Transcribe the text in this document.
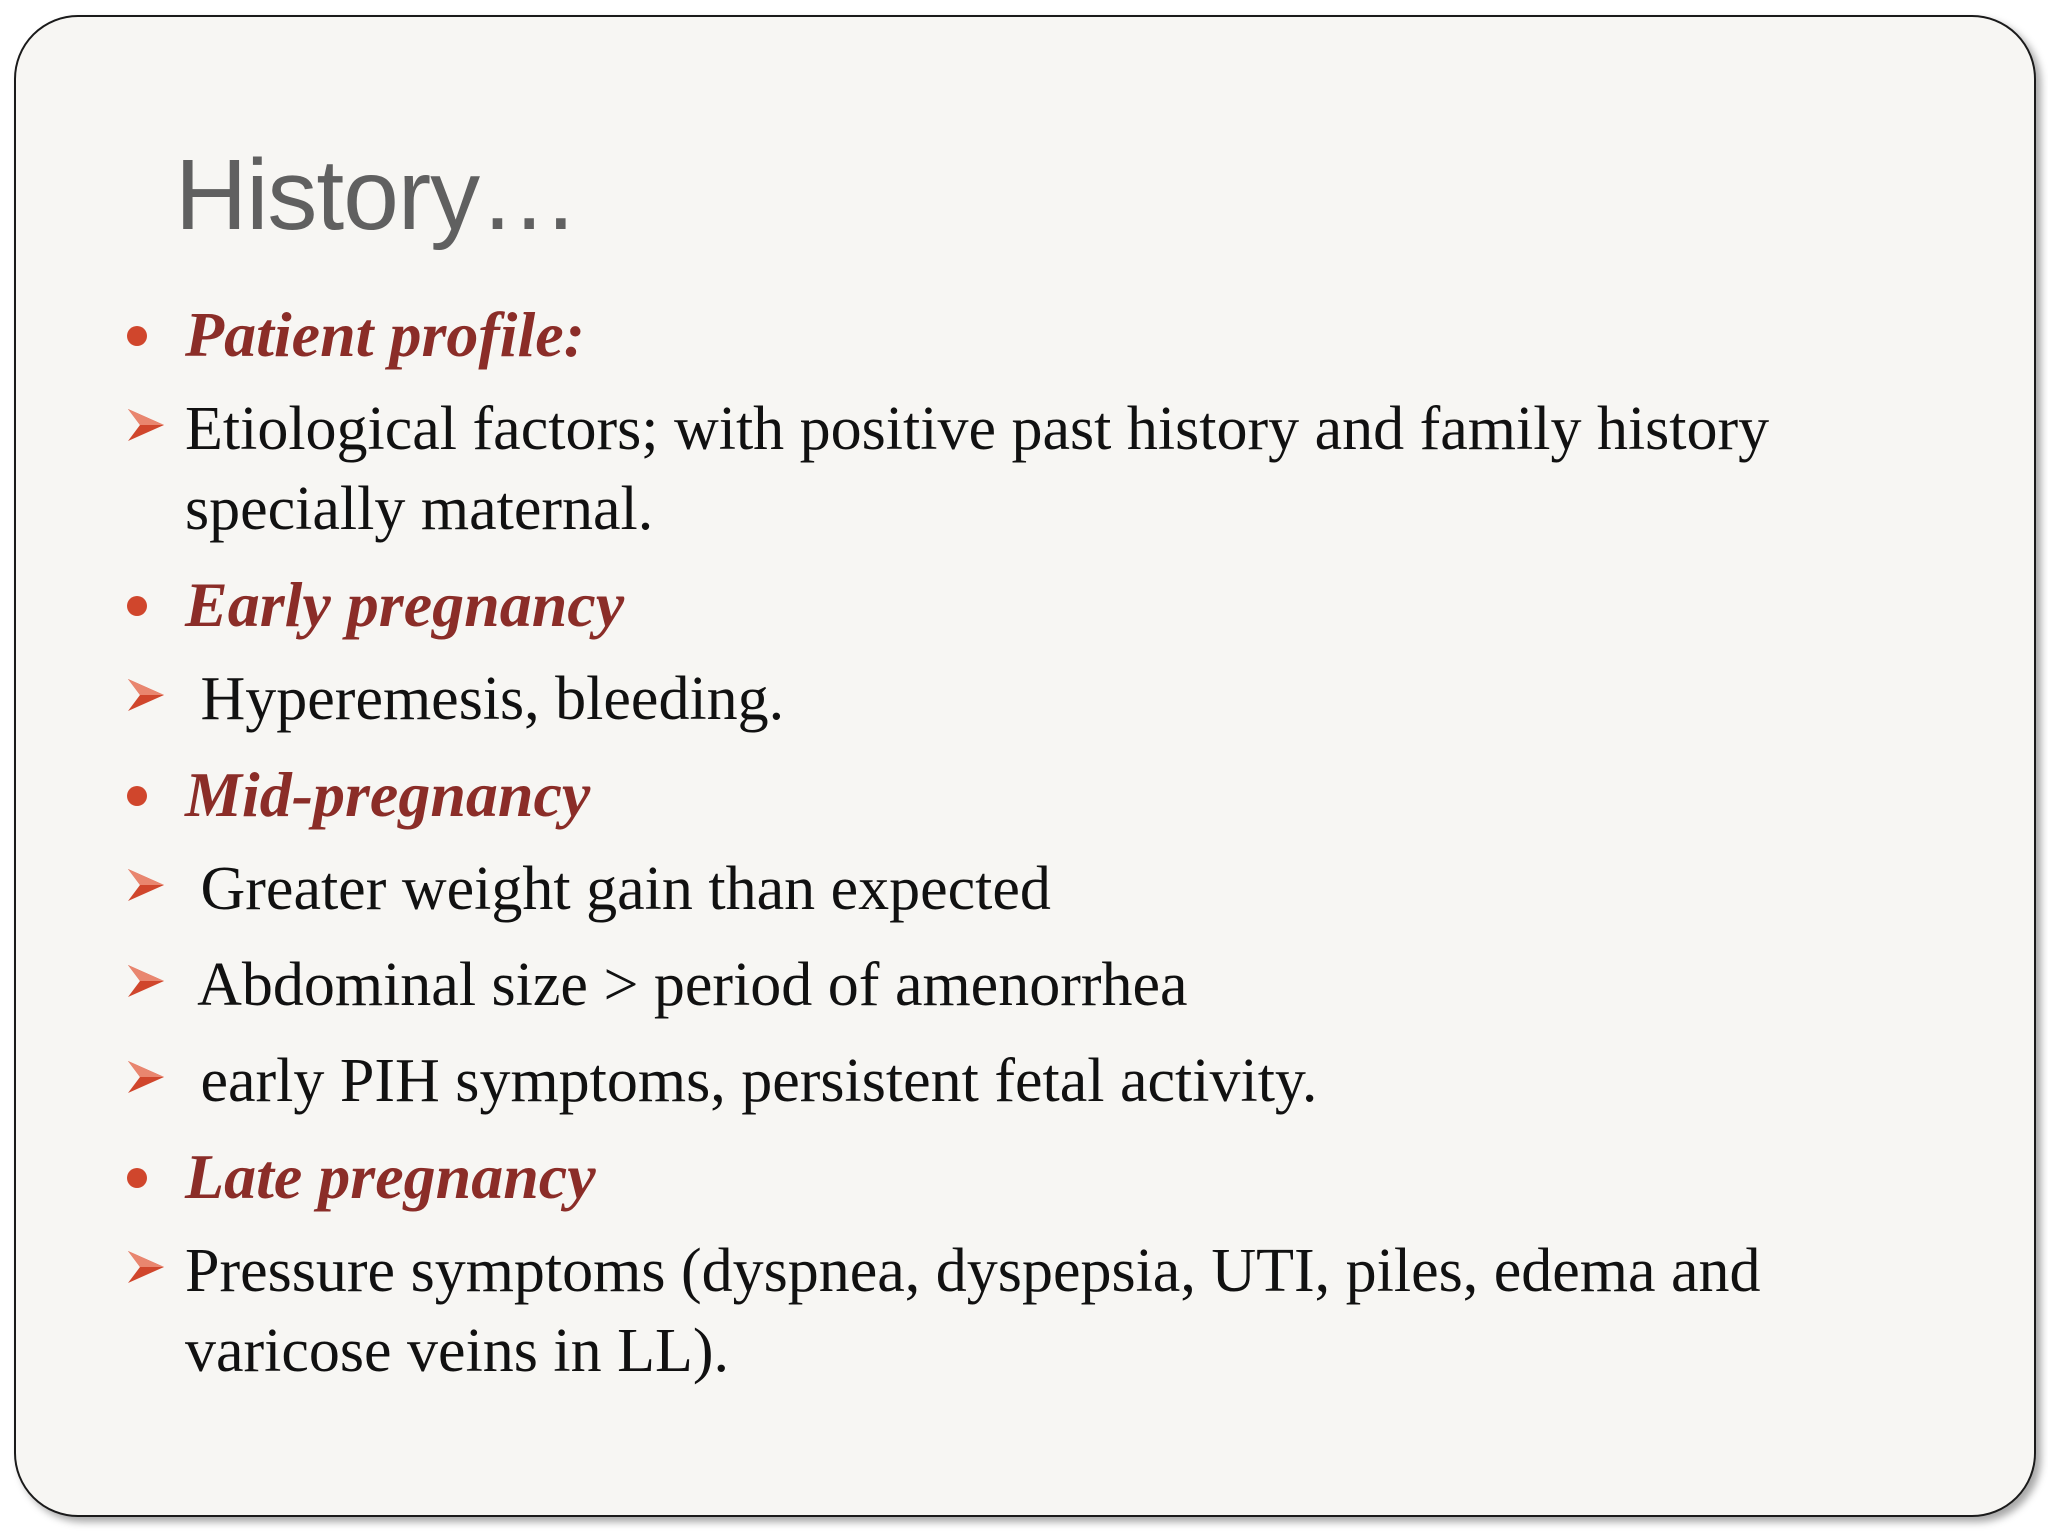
History…
Patient profile:
Etiological factors; with positive past history and family history specially maternal.
Early pregnancy
Hyperemesis, bleeding.
Mid-pregnancy
Greater weight gain than expected
Abdominal size > period of amenorrhea
early PIH symptoms, persistent fetal activity.
Late pregnancy
Pressure symptoms (dyspnea, dyspepsia, UTI, piles, edema and varicose veins in LL).
